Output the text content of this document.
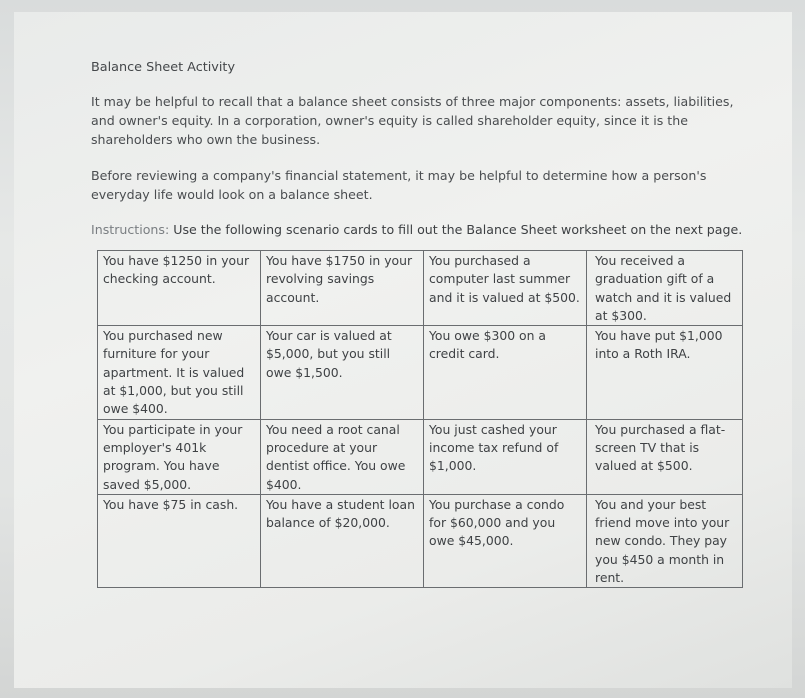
Balance Sheet Activity
It may be helpful to recall that a balance sheet consists of three major components: assets, liabilities, and owner's equity. In a corporation, owner's equity is called shareholder equity, since it is the shareholders who own the business.
Before reviewing a company's financial statement, it may be helpful to determine how a person's everyday life would look on a balance sheet.
Instructions: Use the following scenario cards to fill out the Balance Sheet worksheet on the next page.
You have $1250 in your checking account.	You have $1750 in your revolving savings account.	You purchased a computer last summer and it is valued at $500.	You received a graduation gift of a watch and it is valued at $300.
You purchased new furniture for your apartment. It is valued at $1,000, but you still owe $400.	Your car is valued at $5,000, but you still owe $1,500.	You owe $300 on a credit card.	You have put $1,000 into a Roth IRA.
You participate in your employer's 401k program. You have saved $5,000.	You need a root canal procedure at your dentist office. You owe $400.	You just cashed your income tax refund of $1,000.	You purchased a flat-screen TV that is valued at $500.
You have $75 in cash.	You have a student loan balance of $20,000.	You purchase a condo for $60,000 and you owe $45,000.	You and your best friend move into your new condo. They pay you $450 a month in rent.
